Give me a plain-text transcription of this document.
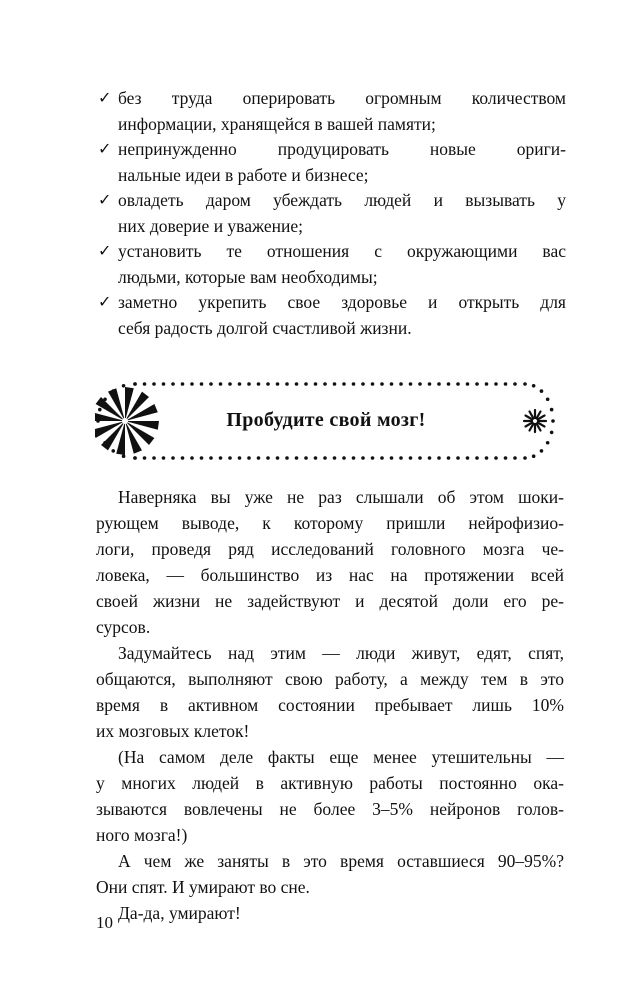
✓ без труда оперировать огромным количеством
информации, хранящейся в вашей памяти;
✓ непринужденно продуцировать новые ориги-
нальные идеи в работе и бизнесе;
✓ овладеть даром убеждать людей и вызывать у
них доверие и уважение;
✓ установить те отношения с окружающими вас
людьми, которые вам необходимы;
✓ заметно укрепить свое здоровье и открыть для
себя радость долгой счастливой жизни.
Пробудите свой мозг!
Наверняка вы уже не раз слышали об этом шоки-
рующем выводе, к которому пришли нейрофизио-
логи, проведя ряд исследований головного мозга че-
ловека, — большинство из нас на протяжении всей
своей жизни не задействуют и десятой доли его ре-
сурсов.
Задумайтесь над этим — люди живут, едят, спят,
общаются, выполняют свою работу, а между тем в это
время в активном состоянии пребывает лишь 10%
их мозговых клеток!
(На самом деле факты еще менее утешительны —
у многих людей в активную работы постоянно ока-
зываются вовлечены не более 3–5% нейронов голов-
ного мозга!)
А чем же заняты в это время оставшиеся 90–95%?
Они спят. И умирают во сне.
Да-да, умирают!
10
